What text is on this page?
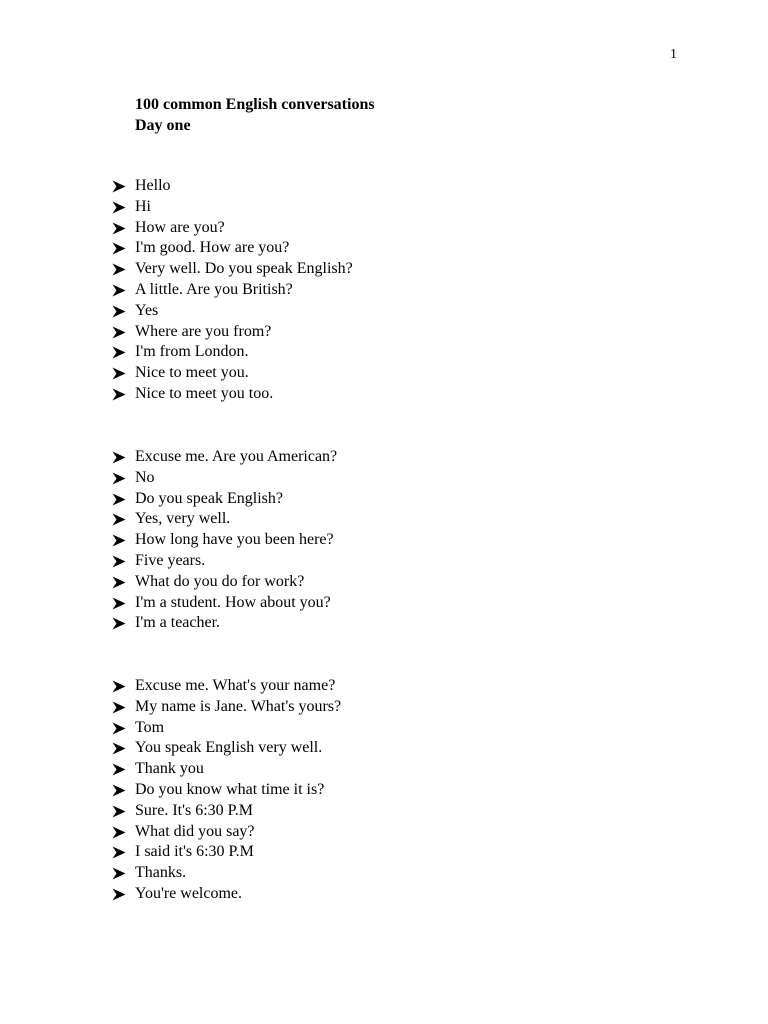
1
100 common English conversations
Day one
Hello
Hi
How are you?
I'm good. How are you?
Very well. Do you speak English?
A little. Are you British?
Yes
Where are you from?
I'm from London.
Nice to meet you.
Nice to meet you too.
Excuse me. Are you American?
No
Do you speak English?
Yes, very well.
How long have you been here?
Five years.
What do you do for work?
I'm a student. How about you?
I'm a teacher.
Excuse me. What's your name?
My name is Jane. What's yours?
Tom
You speak English very well.
Thank you
Do you know what time it is?
Sure. It's 6:30 P.M
What did you say?
I said it's 6:30 P.M
Thanks.
You're welcome.
